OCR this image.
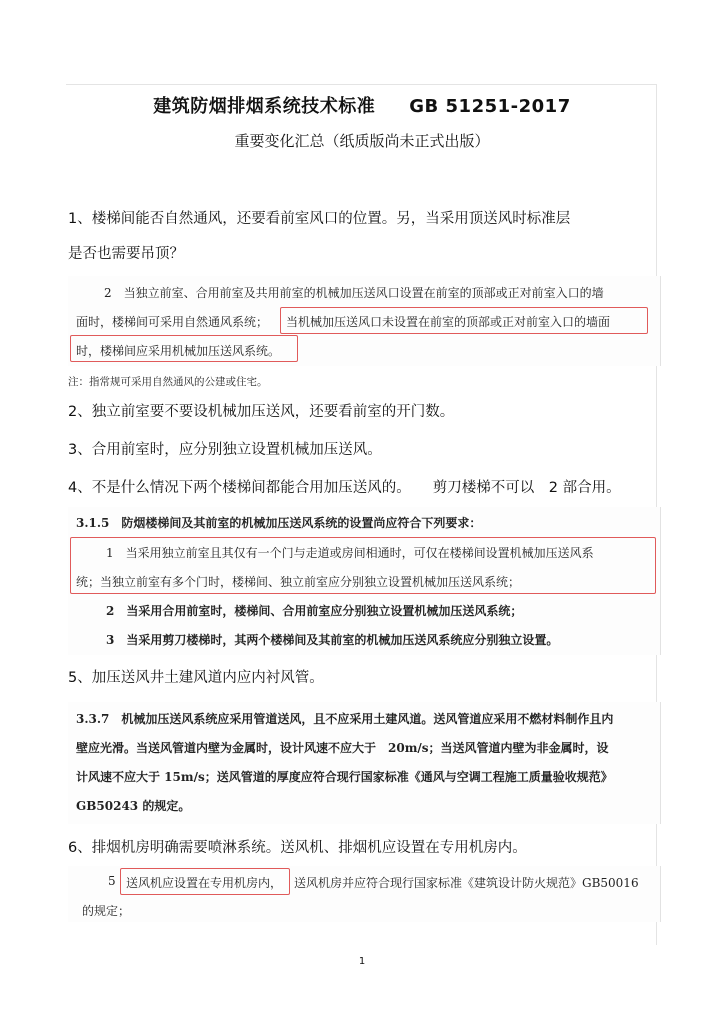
建筑防烟排烟系统技术标准 GB 51251-2017
重要变化汇总（纸质版尚未正式出版）
1、楼梯间能否自然通风，还要看前室风口的位置。另，当采用顶送风时标准层
是否也需要吊顶？
2　当独立前室、合用前室及共用前室的机械加压送风口设置在前室的顶部或正对前室入口的墙
面时，楼梯间可采用自然通风系统； 当机械加压送风口未设置在前室的顶部或正对前室入口的墙面
时，楼梯间应采用机械加压送风系统。
注：指常规可采用自然通风的公建或住宅。
2、独立前室要不要设机械加压送风，还要看前室的开门数。
3、合用前室时，应分别独立设置机械加压送风。
4、不是什么情况下两个楼梯间都能合用加压送风的。 剪刀楼梯不可以　2 部合用。
3.1.5　防烟楼梯间及其前室的机械加压送风系统的设置尚应符合下列要求：
1　当采用独立前室且其仅有一个门与走道或房间相通时，可仅在楼梯间设置机械加压送风系
统；当独立前室有多个门时，楼梯间、独立前室应分别独立设置机械加压送风系统；
2　当采用合用前室时，楼梯间、合用前室应分别独立设置机械加压送风系统；
3　当采用剪刀楼梯时，其两个楼梯间及其前室的机械加压送风系统应分别独立设置。
5、加压送风井土建风道内应内衬风管。
3.3.7　机械加压送风系统应采用管道送风，且不应采用土建风道。送风管道应采用不燃材料制作且内
壁应光滑。当送风管道内壁为金属时，设计风速不应大于　20m/s；当送风管道内壁为非金属时，设
计风速不应大于 15m/s；送风管道的厚度应符合现行国家标准《通风与空调工程施工质量验收规范》
GB50243 的规定。
6、排烟机房明确需要喷淋系统。送风机、排烟机应设置在专用机房内。
5 送风机应设置在专用机房内， 送风机房并应符合现行国家标准《建筑设计防火规范》GB50016
的规定；
1
